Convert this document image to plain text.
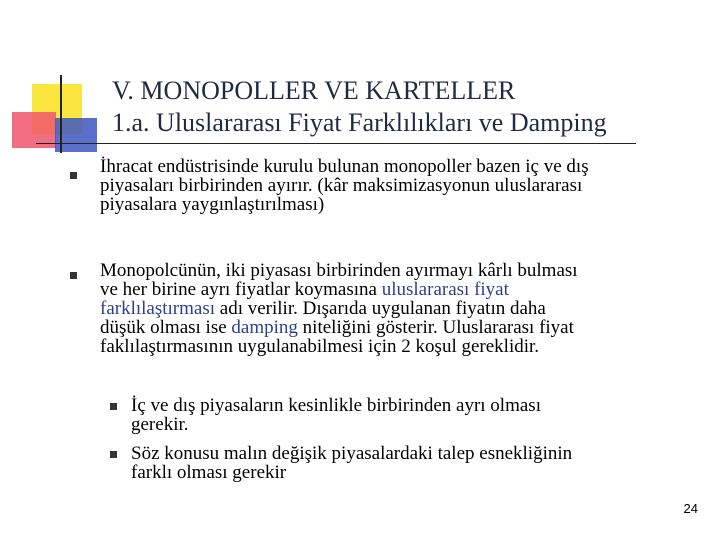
V. MONOPOLLER VE KARTELLER
1.a. Uluslararası Fiyat Farklılıkları ve Damping
İhracat endüstrisinde kurulu bulunan monopoller bazen iç ve dış
piyasaları birbirinden ayırır. (kâr maksimizasyonun uluslararası
piyasalara yaygınlaştırılması)
Monopolcünün, iki piyasası birbirinden ayırmayı kârlı bulması
ve her birine ayrı fiyatlar koymasına uluslararası fiyat
farklılaştırması adı verilir. Dışarıda uygulanan fiyatın daha
düşük olması ise damping niteliğini gösterir. Uluslararası fiyat
faklılaştırmasının uygulanabilmesi için 2 koşul gereklidir.
İç ve dış piyasaların kesinlikle birbirinden ayrı olması
gerekir.
Söz konusu malın değişik piyasalardaki talep esnekliğinin
farklı olması gerekir
24
